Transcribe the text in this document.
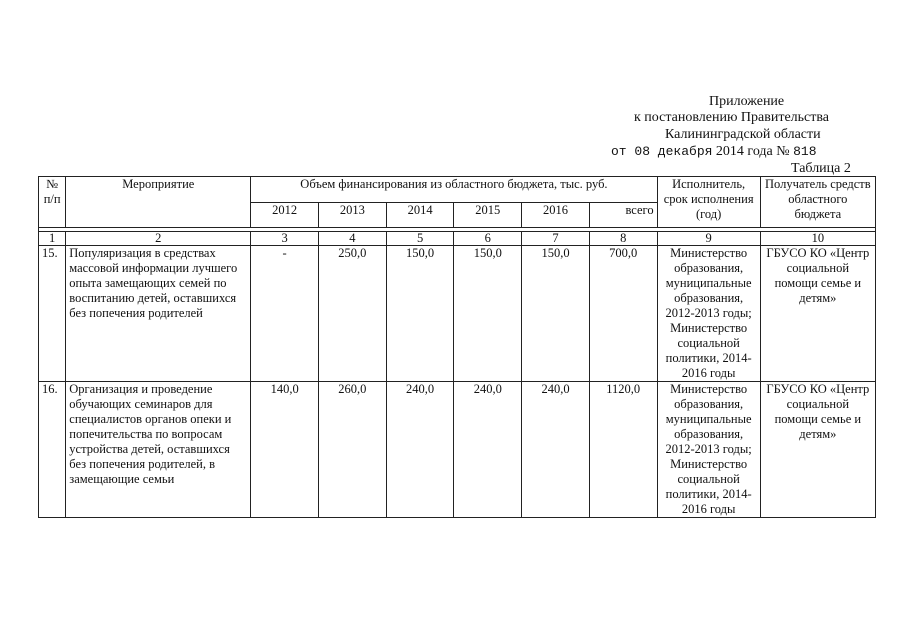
Приложение
к постановлению Правительства
Калининградской области
от 08 декабря 2014 года № 818
Таблица 2
№ п/п	Мероприятие	Объем финансирования из областного бюджета, тыс. руб.						Исполнитель, срок исполнения (год)	Получатель средств областного бюджета
		2012	2013	2014	2015	2016	всего		

1	2	3	4	5	6	7	8	9	10
15.	Популяризация в средствах массовой информации лучшего опыта замещающих семей по воспитанию детей, оставшихся без попечения родителей	-	250,0	150,0	150,0	150,0	700,0	Министерство образования, муниципальные образования, 2012-2013 годы; Министерство социальной политики, 2014-2016 годы	ГБУСО КО «Центр социальной помощи семье и детям»
16.	Организация и проведение обучающих семинаров для специалистов органов опеки и попечительства по вопросам устройства детей, оставшихся без попечения родителей, в замещающие семьи	140,0	260,0	240,0	240,0	240,0	1120,0	Министерство образования, муниципальные образования, 2012-2013 годы; Министерство социальной политики, 2014-2016 годы	ГБУСО КО «Центр социальной помощи семье и детям»
